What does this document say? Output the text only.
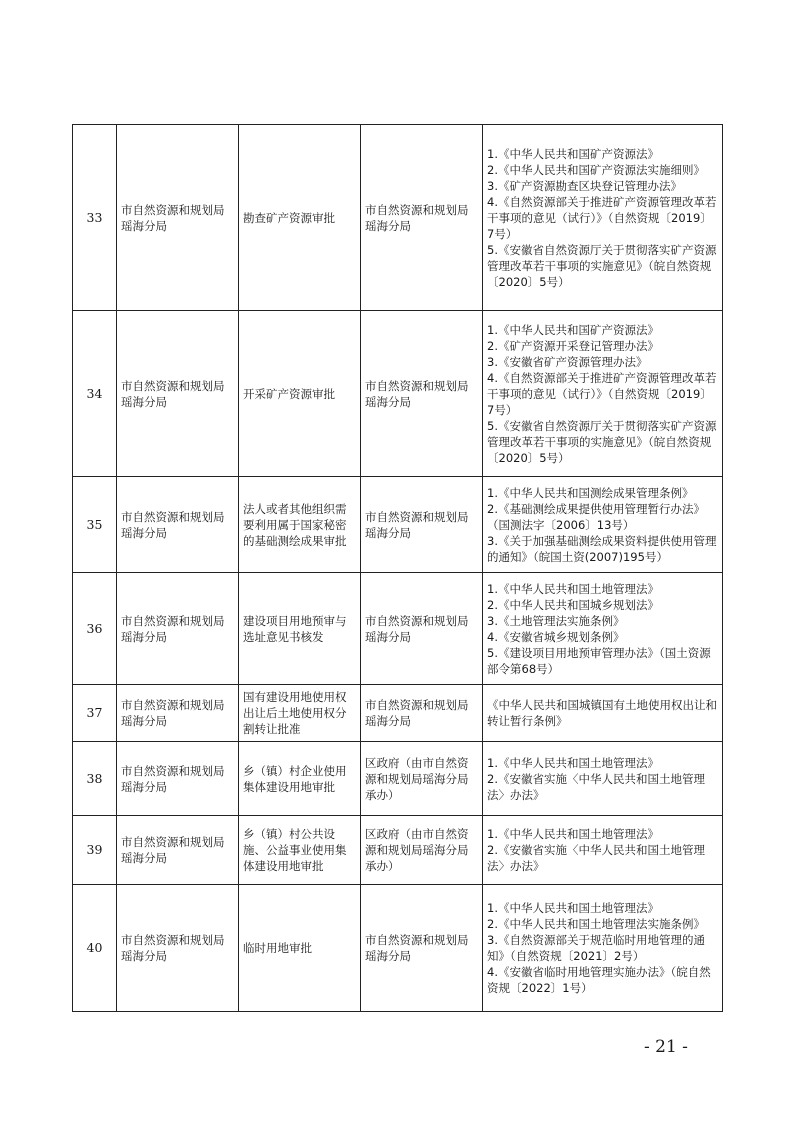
33	市自然资源和规划局瑶海分局	勘查矿产资源审批	市自然资源和规划局瑶海分局	1.《中华人民共和国矿产资源法》
2.《中华人民共和国矿产资源法实施细则》
3.《矿产资源勘查区块登记管理办法》
4.《自然资源部关于推进矿产资源管理改革若干事项的意见（试行）》（自然资规〔2019〕7号）
5.《安徽省自然资源厅关于贯彻落实矿产资源管理改革若干事项的实施意见》（皖自然资规〔2020〕5号）

34	市自然资源和规划局瑶海分局	开采矿产资源审批	市自然资源和规划局瑶海分局	1.《中华人民共和国矿产资源法》
2.《矿产资源开采登记管理办法》
3.《安徽省矿产资源管理办法》
4.《自然资源部关于推进矿产资源管理改革若干事项的意见（试行）》（自然资规〔2019〕7号）
5.《安徽省自然资源厅关于贯彻落实矿产资源管理改革若干事项的实施意见》（皖自然资规〔2020〕5号）

35	市自然资源和规划局瑶海分局	法人或者其他组织需要利用属于国家秘密的基础测绘成果审批	市自然资源和规划局瑶海分局	1.《中华人民共和国测绘成果管理条例》
2.《基础测绘成果提供使用管理暂行办法》（国测法字〔2006〕13号）
3.《关于加强基础测绘成果资料提供使用管理的通知》（皖国土资(2007)195号）

36	市自然资源和规划局瑶海分局	建设项目用地预审与选址意见书核发	市自然资源和规划局瑶海分局	1.《中华人民共和国土地管理法》
2.《中华人民共和国城乡规划法》
3.《土地管理法实施条例》
4.《安徽省城乡规划条例》
5.《建设项目用地预审管理办法》（国土资源部令第68号）

37	市自然资源和规划局瑶海分局	国有建设用地使用权出让后土地使用权分割转让批准	市自然资源和规划局瑶海分局	《中华人民共和国城镇国有土地使用权出让和转让暂行条例》

38	市自然资源和规划局瑶海分局	乡（镇）村企业使用集体建设用地审批	区政府（由市自然资源和规划局瑶海分局承办）	1.《中华人民共和国土地管理法》
2.《安徽省实施〈中华人民共和国土地管理法〉办法》

39	市自然资源和规划局瑶海分局	乡（镇）村公共设施、公益事业使用集体建设用地审批	区政府（由市自然资源和规划局瑶海分局承办）	1.《中华人民共和国土地管理法》
2.《安徽省实施〈中华人民共和国土地管理法〉办法》

40	市自然资源和规划局瑶海分局	临时用地审批	市自然资源和规划局瑶海分局	1.《中华人民共和国土地管理法》
2.《中华人民共和国土地管理法实施条例》
3.《自然资源部关于规范临时用地管理的通知》（自然资规〔2021〕2号）
4.《安徽省临时用地管理实施办法》（皖自然资规〔2022〕1号）
- 21 -
